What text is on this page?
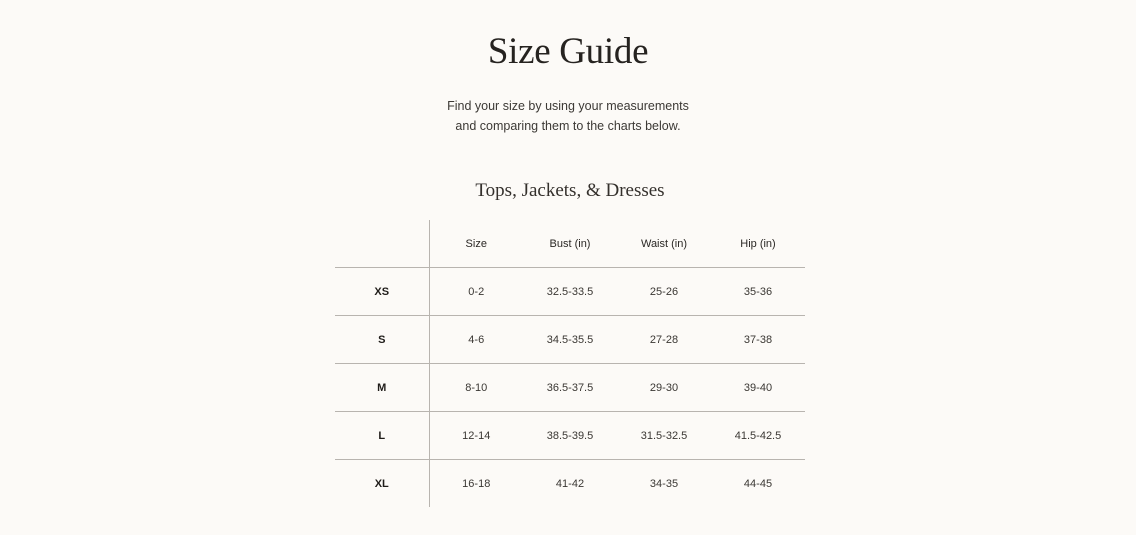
Size Guide
Find your size by using your measurements
and comparing them to the charts below.
Tops, Jackets, & Dresses
	Size	Bust (in)	Waist (in)	Hip (in)
XS	0-2	32.5-33.5	25-26	35-36
S	4-6	34.5-35.5	27-28	37-38
M	8-10	36.5-37.5	29-30	39-40
L	12-14	38.5-39.5	31.5-32.5	41.5-42.5
XL	16-18	41-42	34-35	44-45
